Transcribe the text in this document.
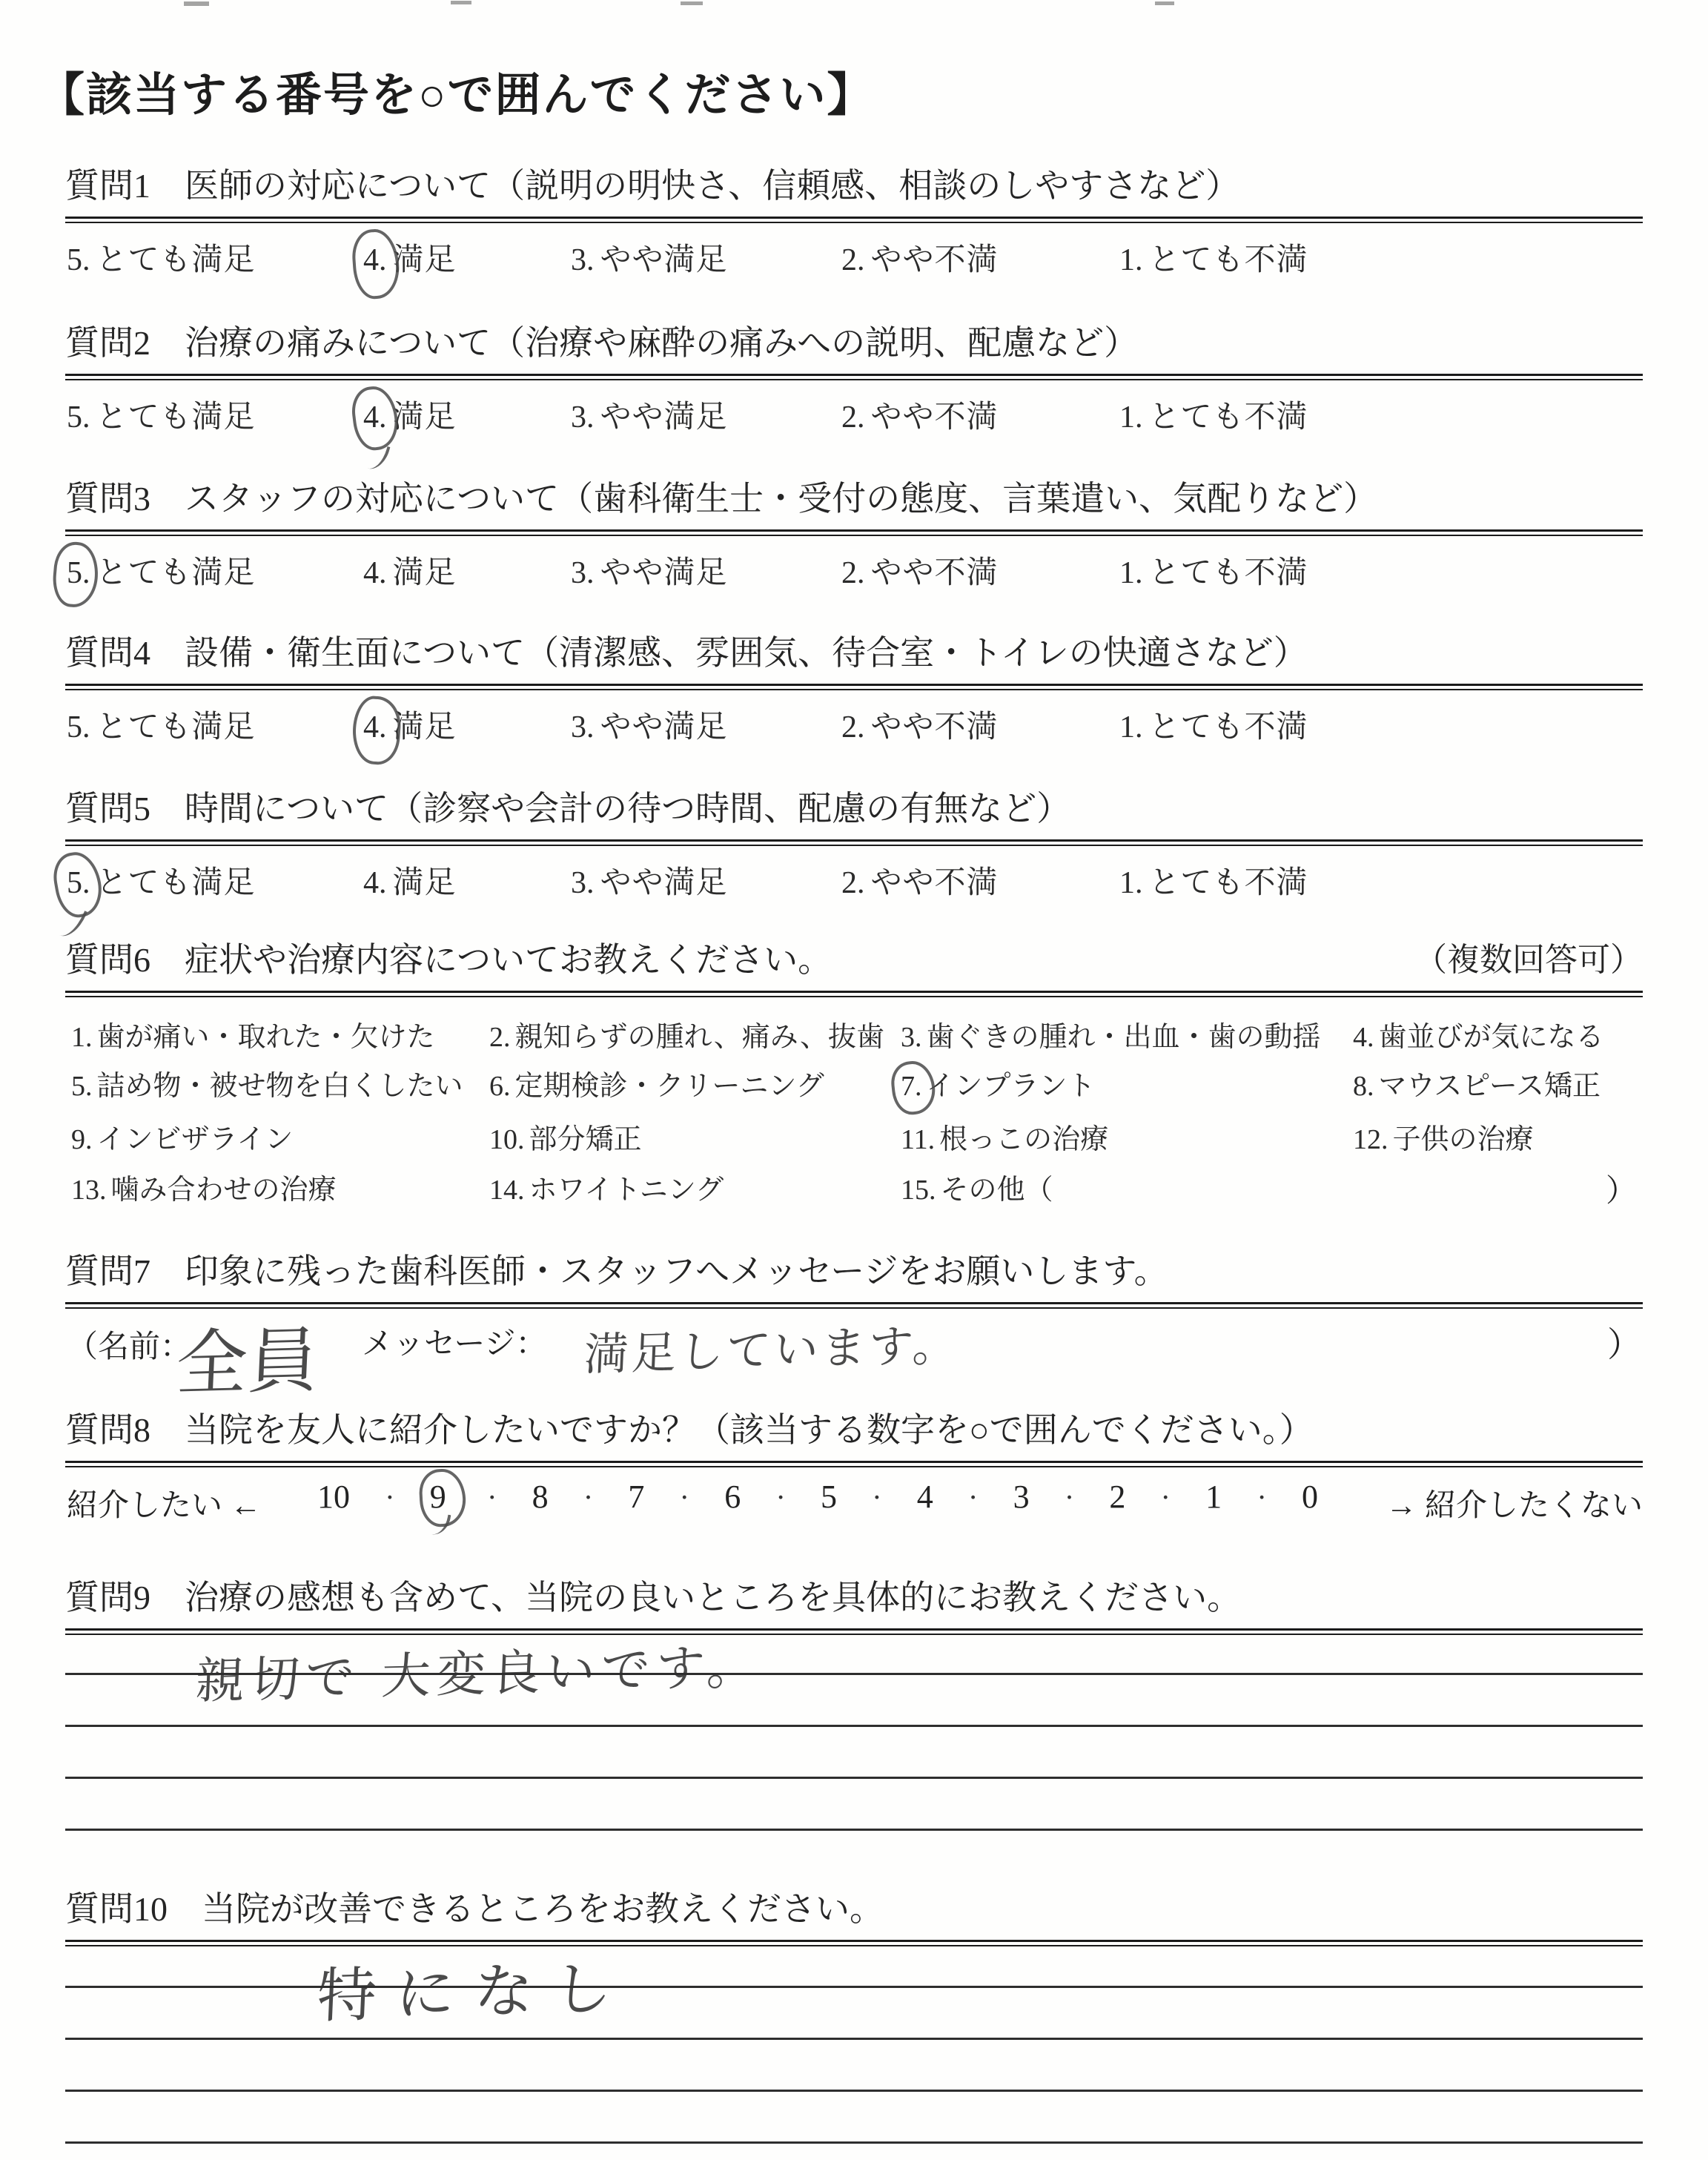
【該当する番号を○で囲んでください】
質問1　医師の対応について（説明の明快さ、信頼感、相談のしやすさなど）
5. とても満足	4. 満足	3. やや満足	2. やや不満	1. とても不満
質問2　治療の痛みについて（治療や麻酔の痛みへの説明、配慮など）
5. とても満足	4. 満足	3. やや満足	2. やや不満	1. とても不満
質問3　スタッフの対応について（歯科衛生士・受付の態度、言葉遣い、気配りなど）
5. とても満足	4. 満足	3. やや満足	2. やや不満	1. とても不満
質問4　設備・衛生面について（清潔感、雰囲気、待合室・トイレの快適さなど）
5. とても満足	4. 満足	3. やや満足	2. やや不満	1. とても不満
質問5　時間について（診察や会計の待つ時間、配慮の有無など）
5. とても満足	4. 満足	3. やや満足	2. やや不満	1. とても不満
質問6　症状や治療内容についてお教えください。	（複数回答可）
1. 歯が痛い・取れた・欠けた 2. 親知らずの腫れ、痛み、抜歯 3. 歯ぐきの腫れ・出血・歯の動揺 4. 歯並びが気になる
5. 詰め物・被せ物を白くしたい 6. 定期検診・クリーニング	7. インプラント	8. マウスピース矯正
9. インビザライン	10. 部分矯正	11. 根っこの治療	12. 子供の治療
13. 噛み合わせの治療	14. ホワイトニング	15. その他（	）
質問7　印象に残った歯科医師・スタッフへメッセージをお願いします。
（名前：
全員 メッセージ： 満足しています。	）
質問8　当院を友人に紹介したいですか？（該当する数字を○で囲んでください。）
紹介したい ← 10 ・ 9 ・ 8 ・ 7 ・ 6 ・ 5 ・ 4 ・ 3 ・ 2 ・ 1 ・ 0 → 紹介したくない
質問9　治療の感想も含めて、当院の良いところを具体的にお教えください。
親切で 大変良いです。
質問10　当院が改善できるところをお教えください。
特になし
